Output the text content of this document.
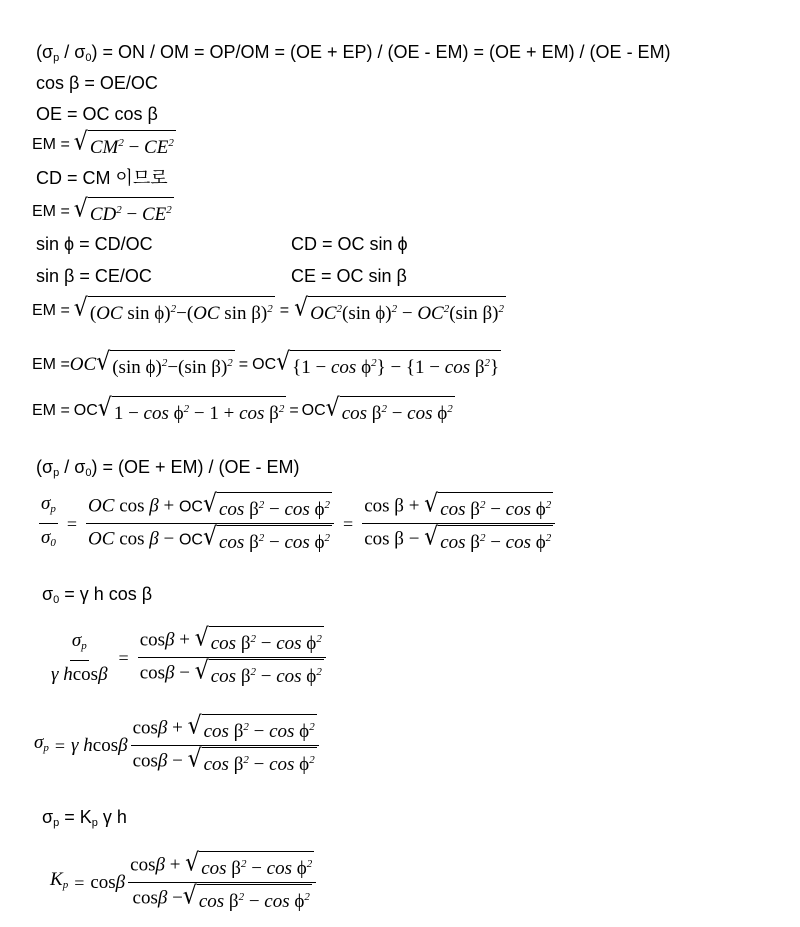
$(\sigma_p / \sigma_0)$ = ON / OM = OP/OM = (OE + EP) / (OE - EM) = (OE + EM) / (OE - EM)
cos β = OE/OC
OE = OC cos β
EM = √ $CM^2 - CE^2$
CD = CM 이므로
EM = √ $CD^2 - CE^2$
sin ϕ = CD/OC	CD = OC sin ϕ
sin β = CE/OC	CE = OC sin β
EM = √ (OC sin ϕ)$^2$−(OC sin β)$^2$ = √ $OC^2(\sin$ $\phi)^2 - OC^2(\sin$ β)$^2$
EM = OC √ (sin ϕ)$^2$−(sin β)$^2$ = OC √ $\{1 - \cos \phi^2\} - \{1 - \cos \beta^2\}$
EM = OC √ $1 - \cos \phi^2 - 1 + \cos \beta^2$ = OC √ $\cos \beta^2 - \cos \phi^2$
$(\sigma_p / \sigma_0) = (OE + EM) / (OE - EM)$
$\frac{\sigma_p}{\sigma_0} = \frac{OC \cos \beta + OC √ \cos \beta^2 - \cos \phi^2}{OC \cos \beta - OC √ \cos \beta^2 - \cos \phi^2} = \frac{\cos \beta + √ \cos \beta^2 - \cos \phi^2}{\cos \beta - √ \cos \beta^2 - \cos \phi^2}$
$\sigma_0 = \gamma$ h cos β
$\frac{\sigma_p}{\text{γ hcosβ}} = \frac{\cos\beta + √ \cos \beta^2 - \cos \phi^2}{\cos\beta - √ \cos \beta^2 - \cos \phi^2}$
$\sigma_p = \gamma$ hcosβ $\frac{\cos\beta + √ \cos \beta^2 - \cos \phi^2}{\cos\beta - √ \cos \beta^2 - \cos \phi^2}$
$\sigma_p = K_p$ γ h
$K_p = \cos\beta \frac{\cos\beta + √ \cos \beta^2 - \cos \phi^2}{\cos\beta - √ \cos \beta^2 - \cos \phi^2}$
